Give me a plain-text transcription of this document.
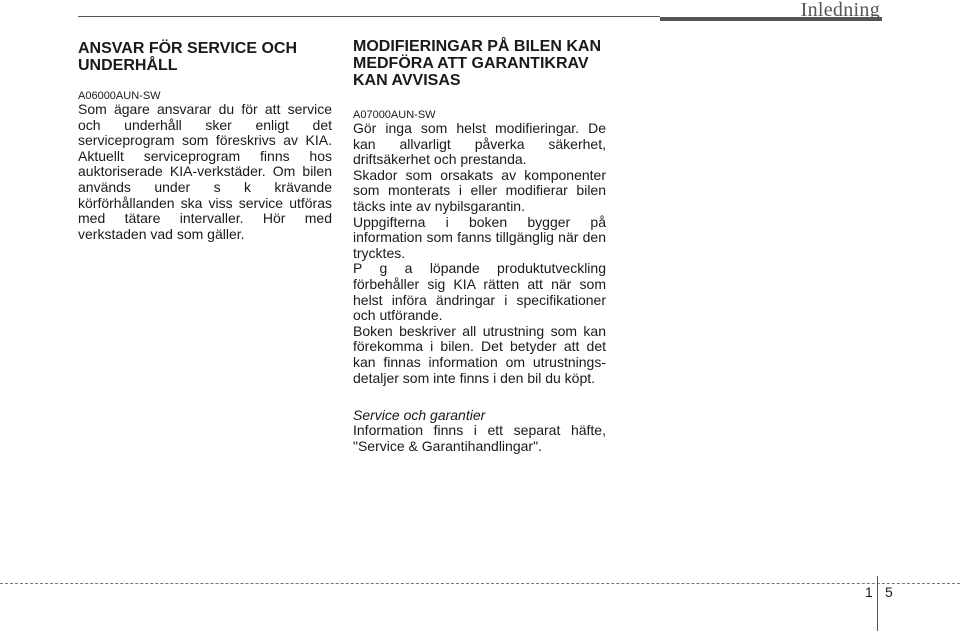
Inledning
ANSVAR FÖR SERVICE OCH UNDERHÅLL

A06000AUN-SW

Som ägare ansvarar du för att service och underhåll sker enligt det serviceprogram som föreskrivs av KIA. Aktuellt serviceprogram finns hos auktoriserade KIA-verkstäder. Om bilen används under s k krävande körförhållanden ska viss service utföras med tätare intervaller. Hör med verkstaden vad som gäller.

MODIFIERINGAR PÅ BILEN KAN MEDFÖRA ATT GARANTIKRAV KAN AVVISAS

A07000AUN-SW

Gör inga som helst modifieringar. De kan allvarligt påverka säkerhet, driftsäkerhet och prestanda.

Skador som orsakats av komponenter som monterats i eller modifierar bilen täcks inte av nybilsgarantin.

Uppgifterna i boken bygger på information som fanns tillgänglig när den trycktes.

P g a löpande produktutveckling förbehåller sig KIA rätten att när som helst införa ändringar i specifikationer och utförande.

Boken beskriver all utrustning som kan förekomma i bilen. Det betyder att det kan finnas information om utrustnings-detaljer som inte finns i den bil du köpt.

Service och garantier

Information finns i ett separat häfte, "Service & Garantihandlingar".

1 5
